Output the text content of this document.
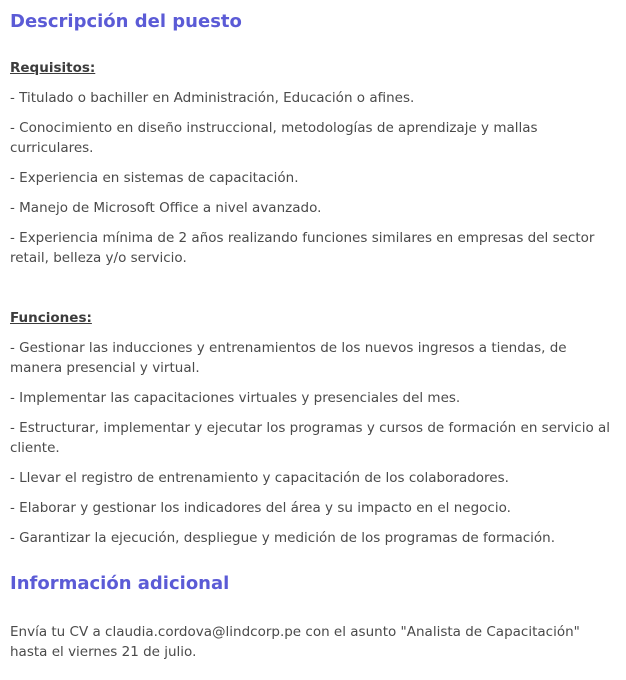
Descripción del puesto
Requisitos:
- Titulado o bachiller en Administración, Educación o afines.
- Conocimiento en diseño instruccional, metodologías de aprendizaje y mallas curriculares.
- Experiencia en sistemas de capacitación.
- Manejo de Microsoft Office a nivel avanzado.
- Experiencia mínima de 2 años realizando funciones similares en empresas del sector retail, belleza y/o servicio.
Funciones:
- Gestionar las inducciones y entrenamientos de los nuevos ingresos a tiendas, de manera presencial y virtual.
- Implementar las capacitaciones virtuales y presenciales del mes.
- Estructurar, implementar y ejecutar los programas y cursos de formación en servicio al cliente.
- Llevar el registro de entrenamiento y capacitación de los colaboradores.
- Elaborar y gestionar los indicadores del área y su impacto en el negocio.
- Garantizar la ejecución, despliegue y medición de los programas de formación.
Información adicional

Envía tu CV a claudia.cordova@lindcorp.pe con el asunto "Analista de Capacitación" hasta el viernes 21 de julio.
